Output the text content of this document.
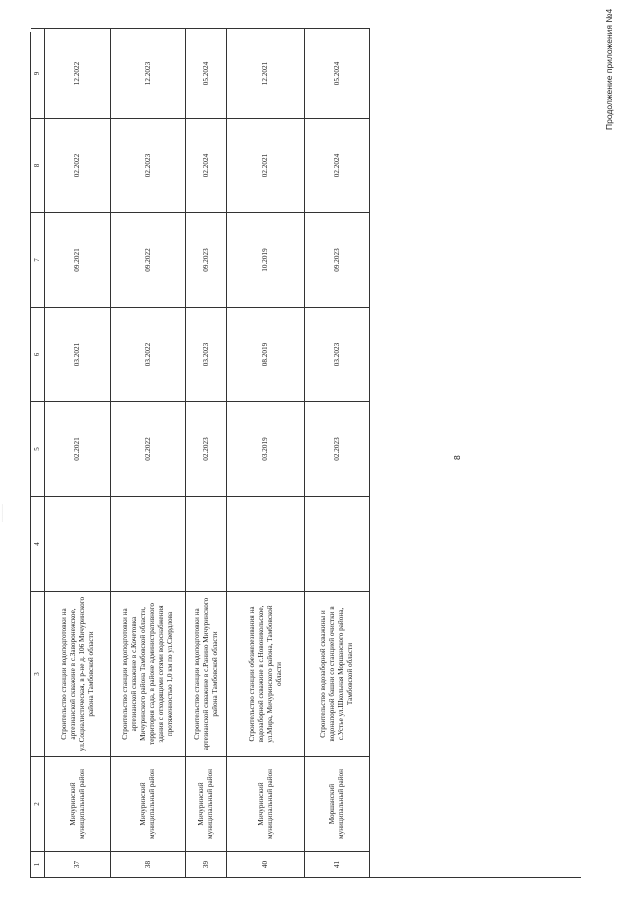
·········
Продолжение приложения №4
8
1
2
3
4
5
6
7
8
9
37
Мичуринский муниципальный район
Строительство станции водоподготовки на артезианской скважине в с.Заворонежское, ул.Социалистическая, в р-не д. 106 Мичуринского района Тамбовской области
02.2021
03.2021
09.2021
02.2022
12.2022
38
Мичуринский муниципальный район
Строительство станции водоподготовки на артезианской скважине в с.Кочетовка Мичуринского района Тамбовской области, территория сада, в районе административного здания с отходящими сетями водоснабжения протяженностью 1,0 км по ул.Свердлова
02.2022
03.2022
09.2022
02.2023
12.2023
39
Мичуринский муниципальный район
Строительство станции водоподготовки на артезианской скважине в с.Ранино Мичуринского района Тамбовской области
02.2023
03.2023
09.2023
02.2024
05.2024
40
Мичуринский муниципальный район
Строительство станции обезжелезивания на водозаборной скважине в с.Новоникольское, ул.Мира, Мичуринского района, Тамбовской области
03.2019
08.2019
10.2019
02.2021
12.2021
41
Моршанский муниципальный район
Строительство водозаборной скважины и водонапорной башни со станцией очистки в с.Устье ул.Школьная Моршанского района, Тамбовской области
02.2023
03.2023
09.2023
02.2024
05.2024
